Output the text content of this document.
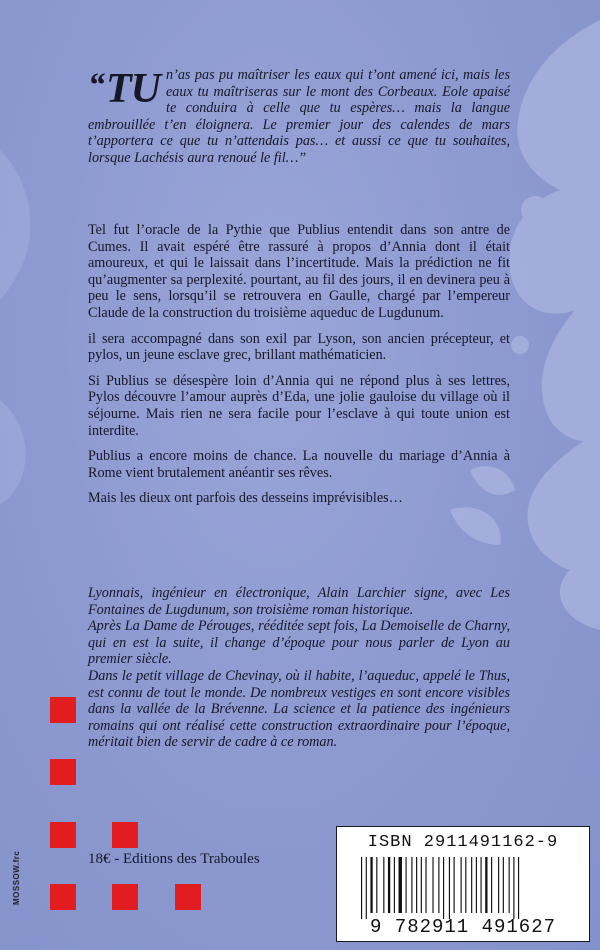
“TU n’as pas pu maîtriser les eaux qui t’ont amené ici, mais les eaux tu maîtriseras sur le mont des Corbeaux. Eole apaisé te conduira à celle que tu espères… mais la langue embrouillée t’en éloignera. Le premier jour des calendes de mars t’apportera ce que tu n’attendais pas… et aussi ce que tu souhaites, lorsque Lachésis aura renoué le fil…”

Tel fut l’oracle de la Pythie que Publius entendit dans son antre de Cumes. Il avait espéré être rassuré à propos d’Annia dont il était amoureux, et qui le laissait dans l’incertitude. Mais la prédiction ne fit qu’augmenter sa perplexité. pourtant, au fil des jours, il en devinera peu à peu le sens, lorsqu’il se retrouvera en Gaulle, chargé par l’empereur Claude de la construction du troisième aqueduc de Lugdunum.

il sera accompagné dans son exil par Lyson, son ancien précepteur, et pylos, un jeune esclave grec, brillant mathématicien.

Si Publius se désespère loin d’Annia qui ne répond plus à ses lettres, Pylos découvre l’amour auprès d’Eda, une jolie gauloise du village où il séjourne. Mais rien ne sera facile pour l’esclave à qui toute union est interdite.

Publius a encore moins de chance. La nouvelle du mariage d’Annia à Rome vient brutalement anéantir ses rêves.

Mais les dieux ont parfois des desseins imprévisibles…

Lyonnais, ingénieur en électronique, Alain Larchier signe, avec Les Fontaines de Lugdunum, son troisième roman historique.

Après La Dame de Pérouges, rééditée sept fois, La Demoiselle de Charny, qui en est la suite, il change d’époque pour nous parler de Lyon au premier siècle.

Dans le petit village de Chevinay, où il habite, l’aqueduc, appelé le Thus, est connu de tout le monde. De nombreux vestiges en sont encore visibles dans la vallée de la Brévenne. La science et la patience des ingénieurs romains qui ont réalisé cette construction extraordinaire pour l’époque, méritait bien de servir de cadre à ce roman.

MOSSOW.frc	18€ - Editions des Traboules
ISBN 2911491162-9
9 782911 491627
